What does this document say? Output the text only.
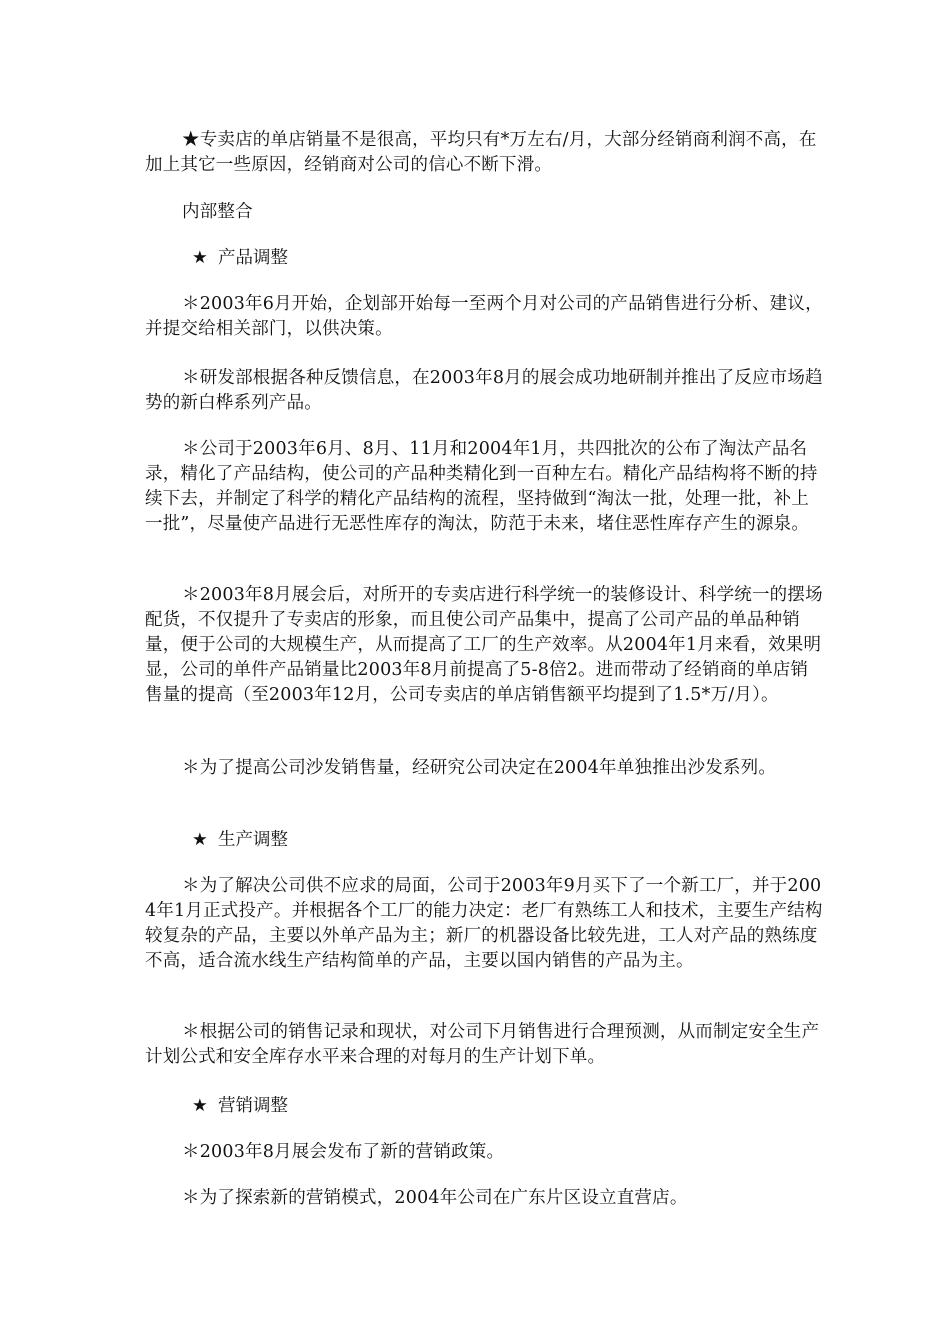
★专卖店的单店销量不是很高，平均只有*万左右/月，大部分经销商利润不高，在加上其它一些原因，经销商对公司的信心不断下滑。

内部整合

★ 产品调整

＊2003年6月开始，企划部开始每一至两个月对公司的产品销售进行分析、建议，并提交给相关部门，以供决策。

＊研发部根据各种反馈信息，在2003年8月的展会成功地研制并推出了反应市场趋势的新白桦系列产品。

＊公司于2003年6月、8月、11月和2004年1月，共四批次的公布了淘汰产品名录，精化了产品结构，使公司的产品种类精化到一百种左右。精化产品结构将不断的持续下去，并制定了科学的精化产品结构的流程，坚持做到“淘汰一批，处理一批，补上一批”，尽量使产品进行无恶性库存的淘汰，防范于未来，堵住恶性库存产生的源泉。

＊2003年8月展会后，对所开的专卖店进行科学统一的装修设计、科学统一的摆场配货，不仅提升了专卖店的形象，而且使公司产品集中，提高了公司产品的单品种销量，便于公司的大规模生产，从而提高了工厂的生产效率。从2004年1月来看，效果明显，公司的单件产品销量比2003年8月前提高了5-8倍2。进而带动了经销商的单店销售量的提高（至2003年12月，公司专卖店的单店销售额平均提到了1.5*万/月）。

＊为了提高公司沙发销售量，经研究公司决定在2004年单独推出沙发系列。

★ 生产调整

＊为了解决公司供不应求的局面，公司于2003年9月买下了一个新工厂，并于2004年1月正式投产。并根据各个工厂的能力决定：老厂有熟练工人和技术，主要生产结构较复杂的产品，主要以外单产品为主；新厂的机器设备比较先进，工人对产品的熟练度不高，适合流水线生产结构简单的产品，主要以国内销售的产品为主。

＊根据公司的销售记录和现状，对公司下月销售进行合理预测，从而制定安全生产计划公式和安全库存水平来合理的对每月的生产计划下单。

★ 营销调整

＊2003年8月展会发布了新的营销政策。

＊为了探索新的营销模式，2004年公司在广东片区设立直营店。
